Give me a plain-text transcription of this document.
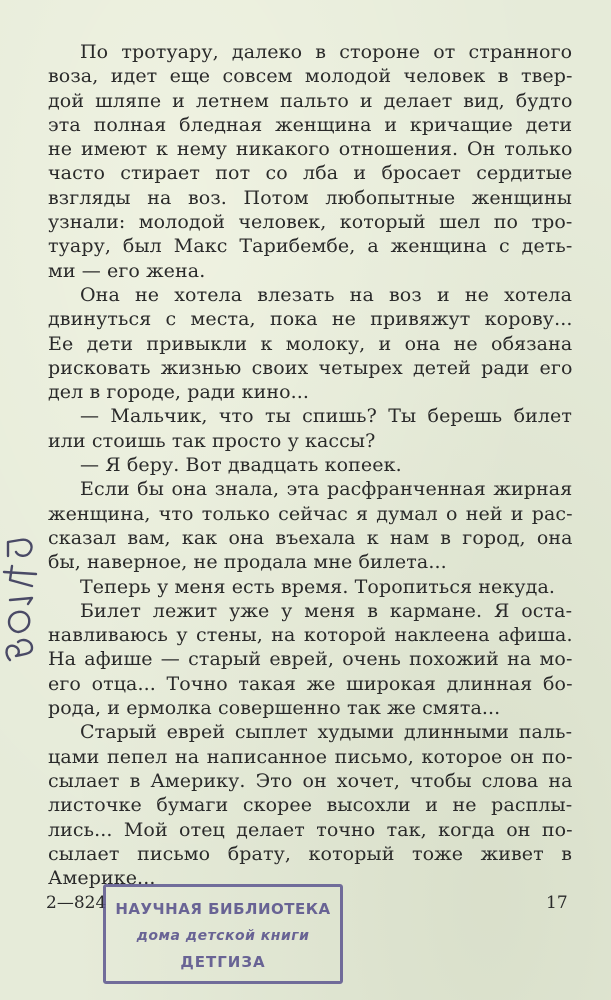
По тротуару, далеко в стороне от странного
воза, идет еще совсем молодой человек в твер-
дой шляпе и летнем пальто и делает вид, будто
эта полная бледная женщина и кричащие дети
не имеют к нему никакого отношения. Он только
часто стирает пот со лба и бросает сердитые
взгляды на воз. Потом любопытные женщины
узнали: молодой человек, который шел по тро-
туару, был Макс Тарибембе, а женщина с деть-
ми — его жена.
Она не хотела влезать на воз и не хотела
двинуться с места, пока не привяжут корову...
Ее дети привыкли к молоку, и она не обязана
рисковать жизнью своих четырех детей ради его
дел в городе, ради кино...
— Мальчик, что ты спишь? Ты берешь билет
или стоишь так просто у кассы?
— Я беру. Вот двадцать копеек.
Если бы она знала, эта расфранченная жирная
женщина, что только сейчас я думал о ней и рас-
сказал вам, как она въехала к нам в город, она
бы, наверное, не продала мне билета...
Теперь у меня есть время. Торопиться некуда.
Билет лежит уже у меня в кармане. Я оста-
навливаюсь у стены, на которой наклеена афиша.
На афише — старый еврей, очень похожий на мо-
его отца... Точно такая же широкая длинная бо-
рода, и ермолка совершенно так же смята...
Старый еврей сыплет худыми длинными паль-
цами пепел на написанное письмо, которое он по-
сылает в Америку. Это он хочет, чтобы слова на
листочке бумаги скорее высохли и не расплы-
лись... Мой отец делает точно так, когда он по-
сылает письмо брату, который тоже живет в
Америке...
2—824	17
НАУЧНАЯ БИБЛИОТЕКА
дома детской книги
ДЕТГИЗА
